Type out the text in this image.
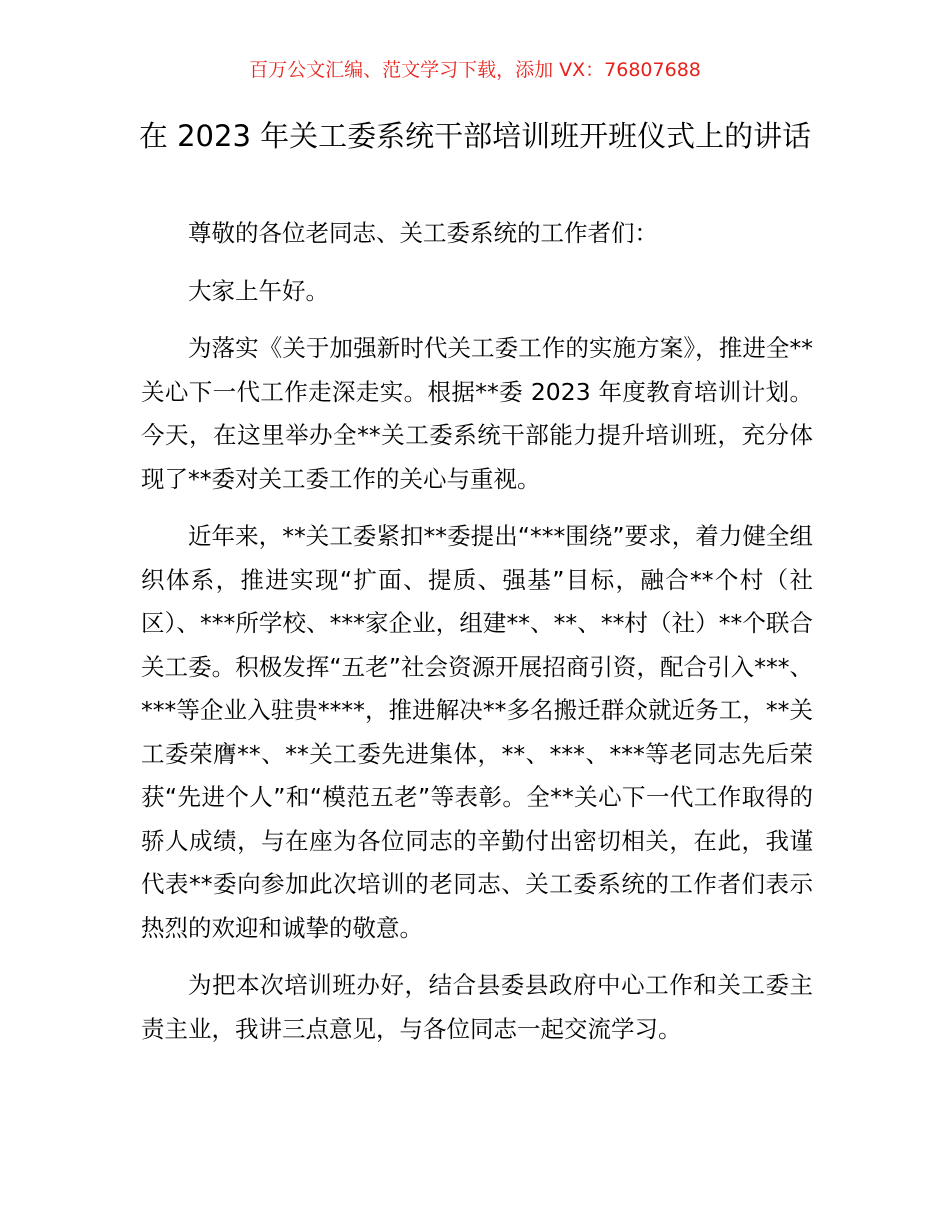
百万公文汇编、范文学习下载，添加 VX：76807688
在 2023 年关工委系统干部培训班开班仪式上的讲话

尊敬的各位老同志、关工委系统的工作者们：

大家上午好。

为落实《关于加强新时代关工委工作的实施方案》，推进全**关心下一代工作走深走实。根据**委 2023 年度教育培训计划。今天，在这里举办全**关工委系统干部能力提升培训班，充分体现了**委对关工委工作的关心与重视。

近年来，**关工委紧扣**委提出“***围绕”要求，着力健全组织体系，推进实现“扩面、提质、强基”目标，融合**个村（社区）、***所学校、***家企业，组建**、**、**村（社）**个联合关工委。积极发挥“五老”社会资源开展招商引资，配合引入***、***等企业入驻贵****，推进解决**多名搬迁群众就近务工，**关工委荣膺**、**关工委先进集体，**、***、***等老同志先后荣获“先进个人”和“模范五老”等表彰。全**关心下一代工作取得的骄人成绩，与在座为各位同志的辛勤付出密切相关，在此，我谨代表**委向参加此次培训的老同志、关工委系统的工作者们表示热烈的欢迎和诚挚的敬意。

为把本次培训班办好，结合县委县政府中心工作和关工委主责主业，我讲三点意见，与各位同志一起交流学习。
